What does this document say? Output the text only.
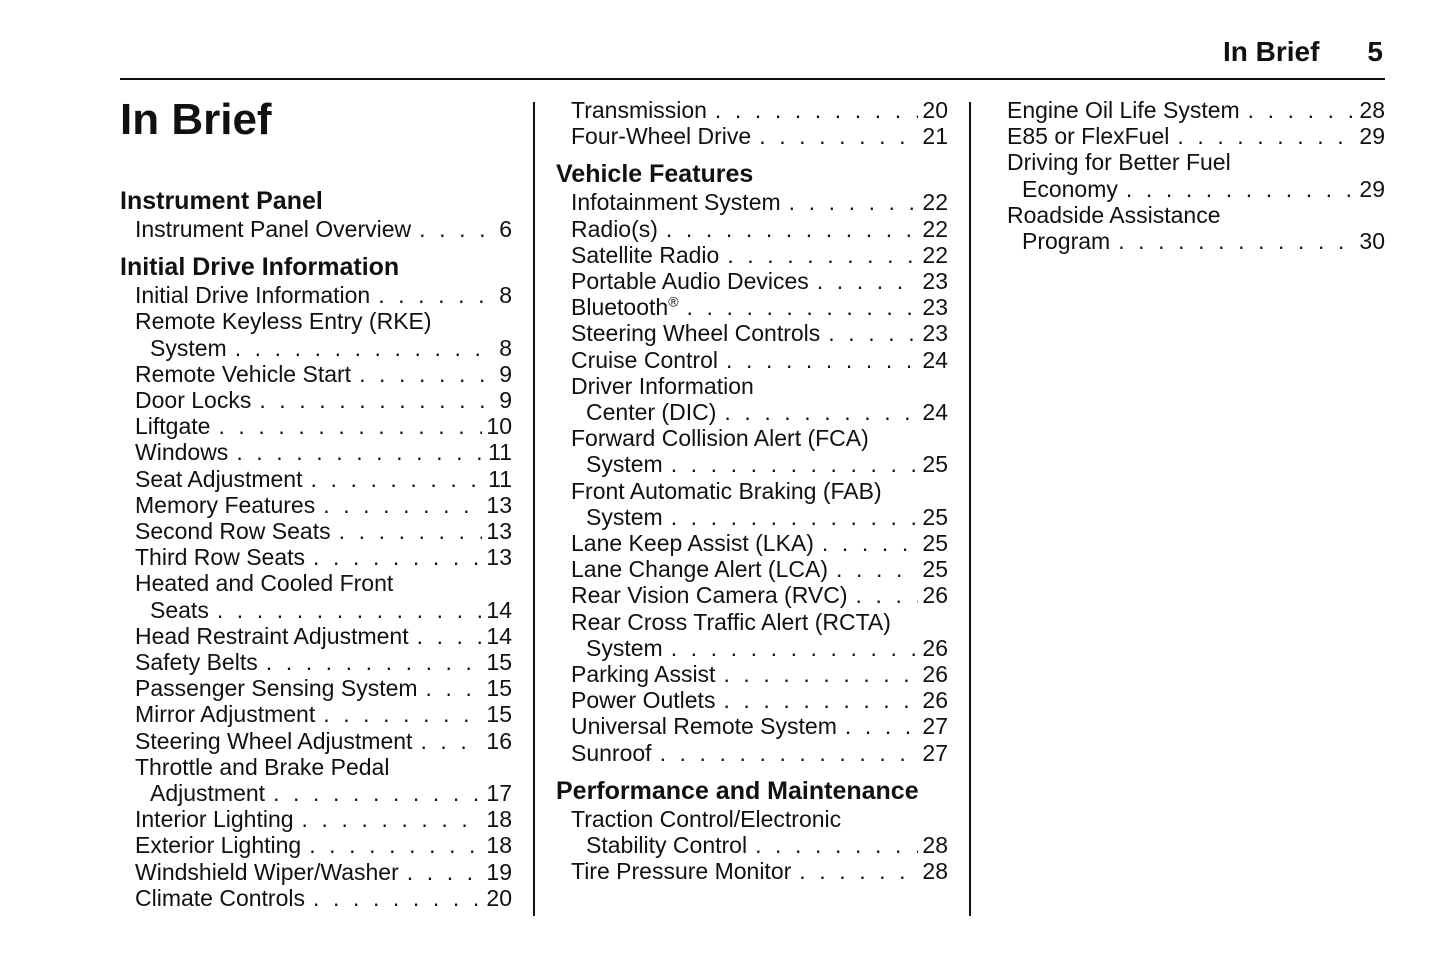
In Brief 5
In Brief
Instrument Panel
Instrument Panel Overview . . .	6
Initial Drive Information
Initial Drive Information . . .	8
Remote Keyless Entry (RKE)
System . . .	8
Remote Vehicle Start . . .	9
Door Locks . . .	9
Liftgate . . .	10
Windows . . .	11
Seat Adjustment . . .	11
Memory Features . . .	13
Second Row Seats . . .	13
Third Row Seats . . .	13
Heated and Cooled Front
Seats . . .	14
Head Restraint Adjustment . . .	14
Safety Belts . . .	15
Passenger Sensing System . . .	15
Mirror Adjustment . . .	15
Steering Wheel Adjustment . . .	16
Throttle and Brake Pedal
Adjustment . . .	17
Interior Lighting . . .	18
Exterior Lighting . . .	18
Windshield Wiper/Washer . . .	19
Climate Controls . . .	20
Transmission . . .	20
Four-Wheel Drive . . .	21
Vehicle Features
Infotainment System . . .	22
Radio(s) . . .	22
Satellite Radio . . .	22
Portable Audio Devices . . .	23
Bluetooth® . . .	23
Steering Wheel Controls . . .	23
Cruise Control . . .	24
Driver Information
Center (DIC) . . .	24
Forward Collision Alert (FCA)
System . . .	25
Front Automatic Braking (FAB)
System . . .	25
Lane Keep Assist (LKA) . . .	25
Lane Change Alert (LCA) . . .	25
Rear Vision Camera (RVC) . . .	26
Rear Cross Traffic Alert (RCTA)
System . . .	26
Parking Assist . . .	26
Power Outlets . . .	26
Universal Remote System . . .	27
Sunroof . . .	27
Performance and Maintenance
Traction Control/Electronic
Stability Control . . .	28
Tire Pressure Monitor . . .	28
Engine Oil Life System . . .	28
E85 or FlexFuel . . .	29
Driving for Better Fuel
Economy . . .	29
Roadside Assistance
Program . . .	30
